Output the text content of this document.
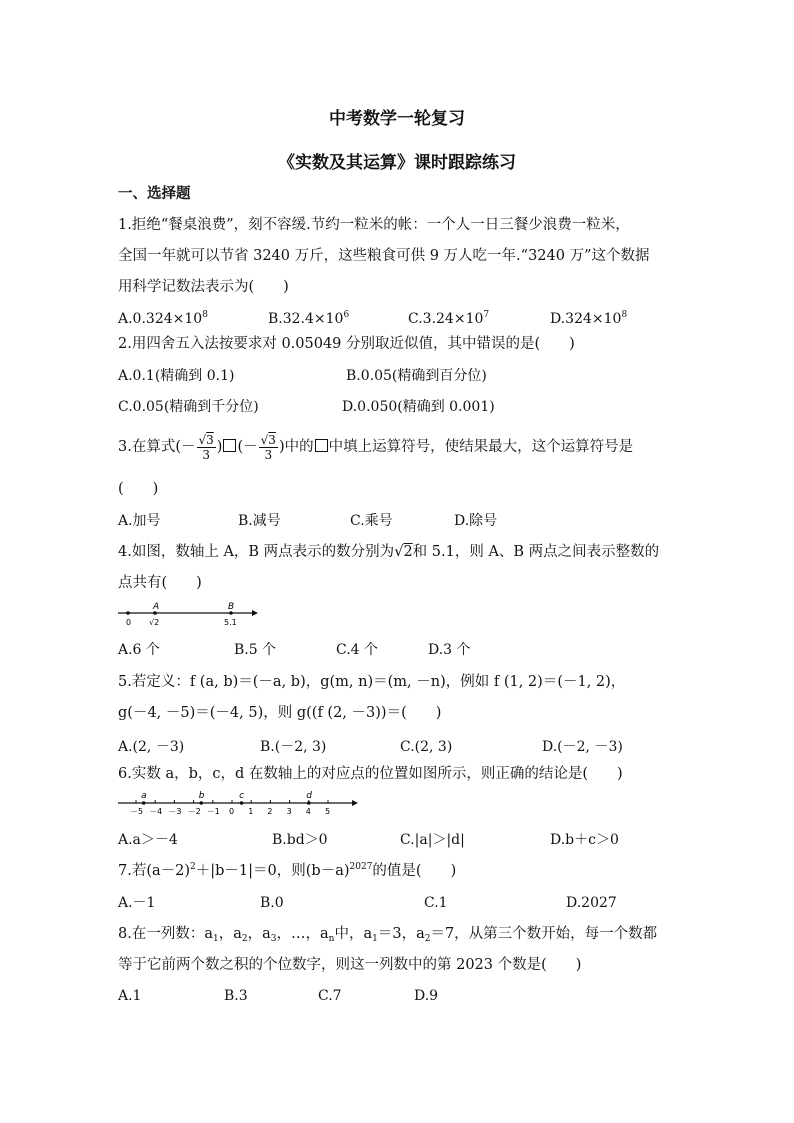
中考数学一轮复习
《实数及其运算》课时跟踪练习
一、选择题
1.拒绝“餐桌浪费”，刻不容缓.节约一粒米的帐：一个人一日三餐少浪费一粒米，
全国一年就可以节省 3240 万斤，这些粮食可供 9 万人吃一年.“3240 万”这个数据
用科学记数法表示为(　　)
$A.0.324\times 10^8$	$B.32.4\times 10^6$	$C.3.24\times 10^7$	$D.324\times 10^8$
2.用四舍五入法按要求对 0.05049 分别取近似值，其中错误的是(　　)
A.0.1(精确到 0.1)	B.0.05(精确到百分位)
C.0.05(精确到千分位)	D.0.050(精确到 0.001)
3.在算式(－ $\frac{√3}{3}$ ) (－ $\frac{√3}{3}$ )中的 中填上运算符号，使结果最大，这个运算符号是
(　　)
A.加号	B.减号	C.乘号	D.除号
4.如图，数轴上 A，B 两点表示的数分别为√2和 5.1，则 A、B 两点之间表示整数的
点共有(　　)
A	B
0 √2	5.1
A.6 个	B.5 个	C.4 个	D.3 个
5.若定义：f (a, b)＝(－a, b)，g(m, n)＝(m, －n)，例如 f (1, 2)＝(－1, 2)，
g(－4, －5)＝(－4, 5)，则 g((f (2, －3))＝(　　)
A.(2, －3)	B.(－2, 3)	C.(2, 3)	D.(－2, －3)
6.实数 a，b，c，d 在数轴上的对应点的位置如图所示，则正确的结论是(　　)
－5 －4 －3 －2 －1 0 1 2 3 4 5
a	b	c	d
A.a＞－4	B.bd＞0	C.|a|＞|d|	D.b＋c＞0
7.若$(a-2)^2+|b-1|=0$，则$(b-a)^{2027}$的值是(　　)
A.－1	B.0	C.1	D.2027
8.在一列数：$a_1$，$a_2$，$a_3$，…，$a_n$中，$a_1=3$，$a_2=7$，从第三个数开始，每一个数都
等于它前两个数之积的个位数字，则这一列数中的第 2023 个数是(　　)
A.1	B.3	C.7	D.9
